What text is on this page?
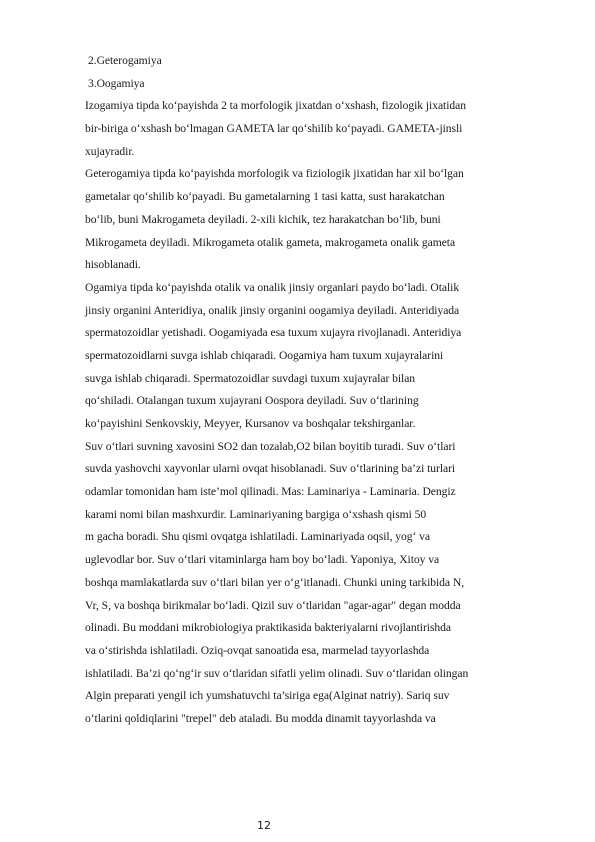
2.Geterogamiya
3.Oogamiya
Izogamiya tipda ko‘payishda 2 ta morfologik jixatdan o‘xshash, fizologik jixatidan
bir-biriga o‘xshash bo‘lmagan GAMETA lar qo‘shilib ko‘payadi. GAMETA-jinsli
xujayradir.
Geterogamiya tipda ko‘payishda morfologik va fiziologik jixatidan har xil bo‘lgan
gametalar qo‘shilib ko‘payadi. Bu gametalarning 1 tasi katta, sust harakatchan
bo‘lib, buni Makrogameta deyiladi. 2-xili kichik, tez harakatchan bo‘lib, buni
Mikrogameta deyiladi. Mikrogameta otalik gameta, makrogameta onalik gameta
hisoblanadi.
Ogamiya tipda ko‘payishda otalik va onalik jinsiy organlari paydo bo‘ladi. Otalik
jinsiy organini Anteridiya, onalik jinsiy organini oogamiya deyiladi. Anteridiyada
spermatozoidlar yetishadi. Oogamiyada esa tuxum xujayra rivojlanadi. Anteridiya
spermatozoidlarni suvga ishlab chiqaradi. Oogamiya ham tuxum xujayralarini
suvga ishlab chiqaradi. Spermatozoidlar suvdagi tuxum xujayralar bilan
qo‘shiladi. Otalangan tuxum xujayrani Oospora deyiladi. Suv o‘tlarining
ko‘payishini Senkovskiy, Meyyer, Kursanov va boshqalar tekshirganlar.
Suv o‘tlari suvning xavosini SO2 dan tozalab,O2 bilan boyitib turadi. Suv o‘tlari
suvda yashovchi xayvonlar ularni ovqat hisoblanadi. Suv o‘tlarining ba’zi turlari
odamlar tomonidan ham iste’mol qilinadi. Mas: Laminariya - Laminaria. Dengiz
karami nomi bilan mashxurdir. Laminariyaning bargiga o‘xshash qismi 50
m gacha boradi. Shu qismi ovqatga ishlatiladi. Laminariyada oqsil, yog‘ va
uglevodlar bor. Suv o‘tlari vitaminlarga ham boy bo‘ladi. Yaponiya, Xitoy va
boshqa mamlakatlarda suv o‘tlari bilan yer o‘g‘itlanadi. Chunki uning tarkibida N,
Vr, S, va boshqa birikmalar bo‘ladi. Qizil suv o‘tlaridan "agar-agar" degan modda
olinadi. Bu moddani mikrobiologiya praktikasida bakteriyalarni rivojlantirishda
va o‘stirishda ishlatiladi. Oziq-ovqat sanoatida esa, marmelad tayyorlashda
ishlatiladi. Ba’zi qo‘ng‘ir suv o‘tlaridan sifatli yelim olinadi. Suv o‘tlaridan olingan
Algin preparati yengil ich yumshatuvchi ta’siriga ega(Alginat natriy). Sariq suv
o‘tlarini qoldiqlarini "trepel" deb ataladi. Bu modda dinamit tayyorlashda va
12
